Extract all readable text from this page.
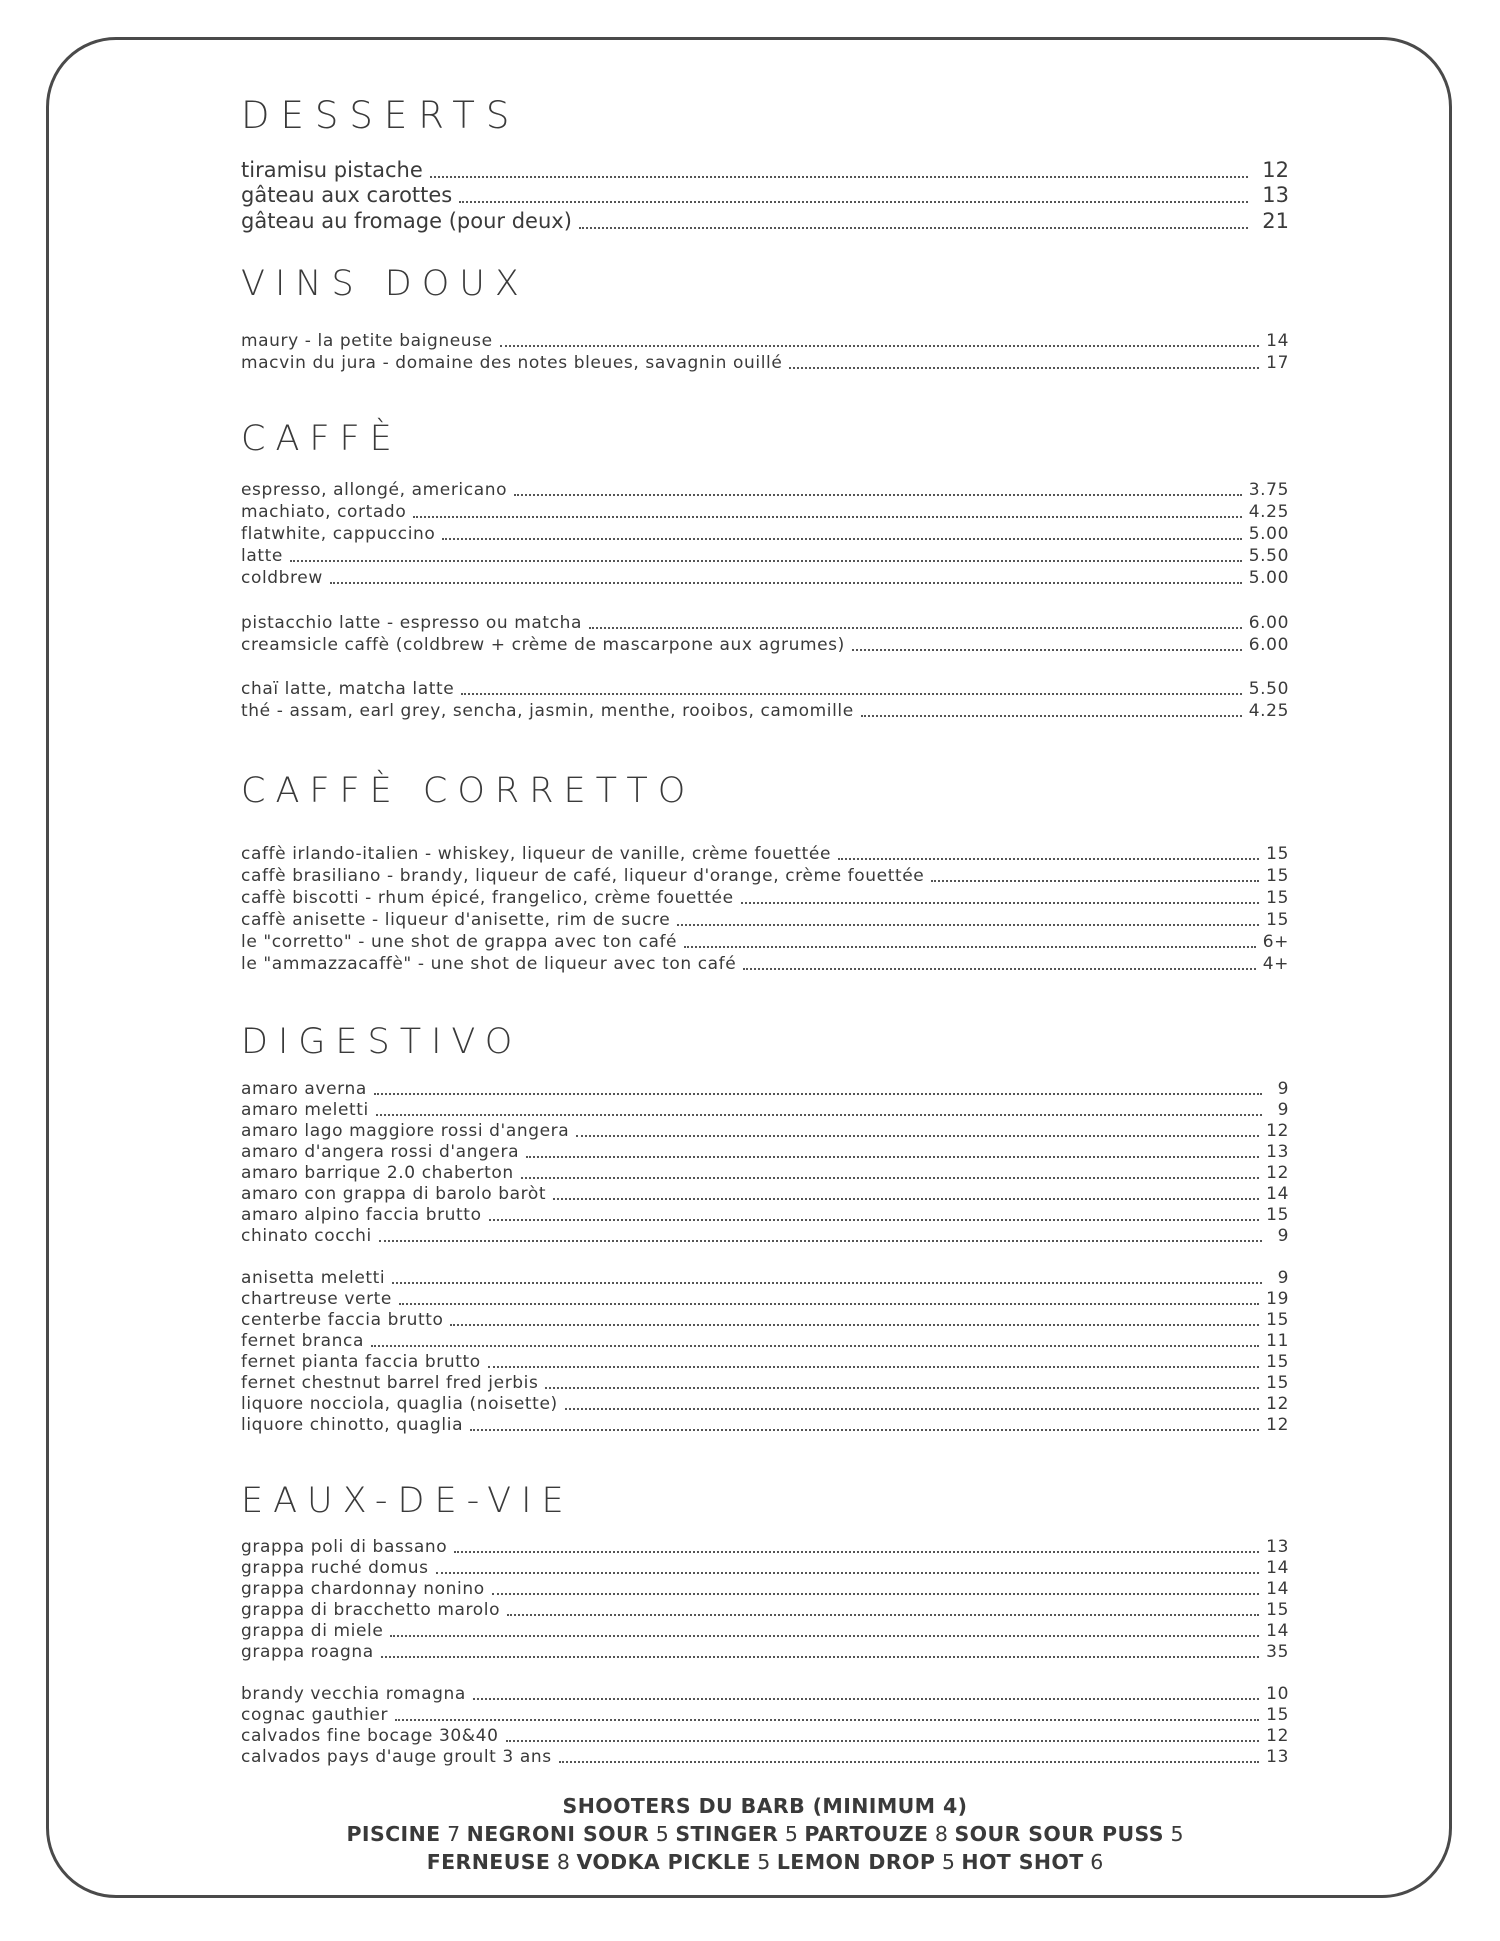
DESSERTS
tiramisu pistache	12
gâteau aux carottes	13
gâteau au fromage (pour deux)	21
VINS DOUX
maury - la petite baigneuse	14
macvin du jura - domaine des notes bleues, savagnin ouillé	17
CAFFÈ
espresso, allongé, americano	3.75
machiato, cortado	4.25
flatwhite, cappuccino	5.00
latte	5.50
coldbrew	5.00
pistacchio latte - espresso ou matcha	6.00
creamsicle caffè (coldbrew + crème de mascarpone aux agrumes)	6.00
chaï latte, matcha latte	5.50
thé - assam, earl grey, sencha, jasmin, menthe, rooibos, camomille	4.25
CAFFÈ CORRETTO
caffè irlando-italien - whiskey, liqueur de vanille, crème fouettée	15
caffè brasiliano - brandy, liqueur de café, liqueur d'orange, crème fouettée	15
caffè biscotti - rhum épicé, frangelico, crème fouettée	15
caffè anisette - liqueur d'anisette, rim de sucre	15
le "corretto" - une shot de grappa avec ton café	6+
le "ammazzacaffè" - une shot de liqueur avec ton café	4+
DIGESTIVO
amaro averna	9
amaro meletti	9
amaro lago maggiore rossi d'angera	12
amaro d'angera rossi d'angera	13
amaro barrique 2.0 chaberton	12
amaro con grappa di barolo baròt	14
amaro alpino faccia brutto	15
chinato cocchi	9
anisetta meletti	9
chartreuse verte	19
centerbe faccia brutto	15
fernet branca	11
fernet pianta faccia brutto	15
fernet chestnut barrel fred jerbis	15
liquore nocciola, quaglia (noisette)	12
liquore chinotto, quaglia	12
EAUX-DE-VIE
grappa poli di bassano	13
grappa ruché domus	14
grappa chardonnay nonino	14
grappa di bracchetto marolo	15
grappa di miele	14
grappa roagna	35
brandy vecchia romagna	10
cognac gauthier	15
calvados fine bocage 30&40	12
calvados pays d'auge groult 3 ans	13
SHOOTERS DU BARB (MINIMUM 4)
PISCINE 7 NEGRONI SOUR 5 STINGER 5 PARTOUZE 8 SOUR SOUR PUSS 5
FERNEUSE 8 VODKA PICKLE 5 LEMON DROP 5 HOT SHOT 6
